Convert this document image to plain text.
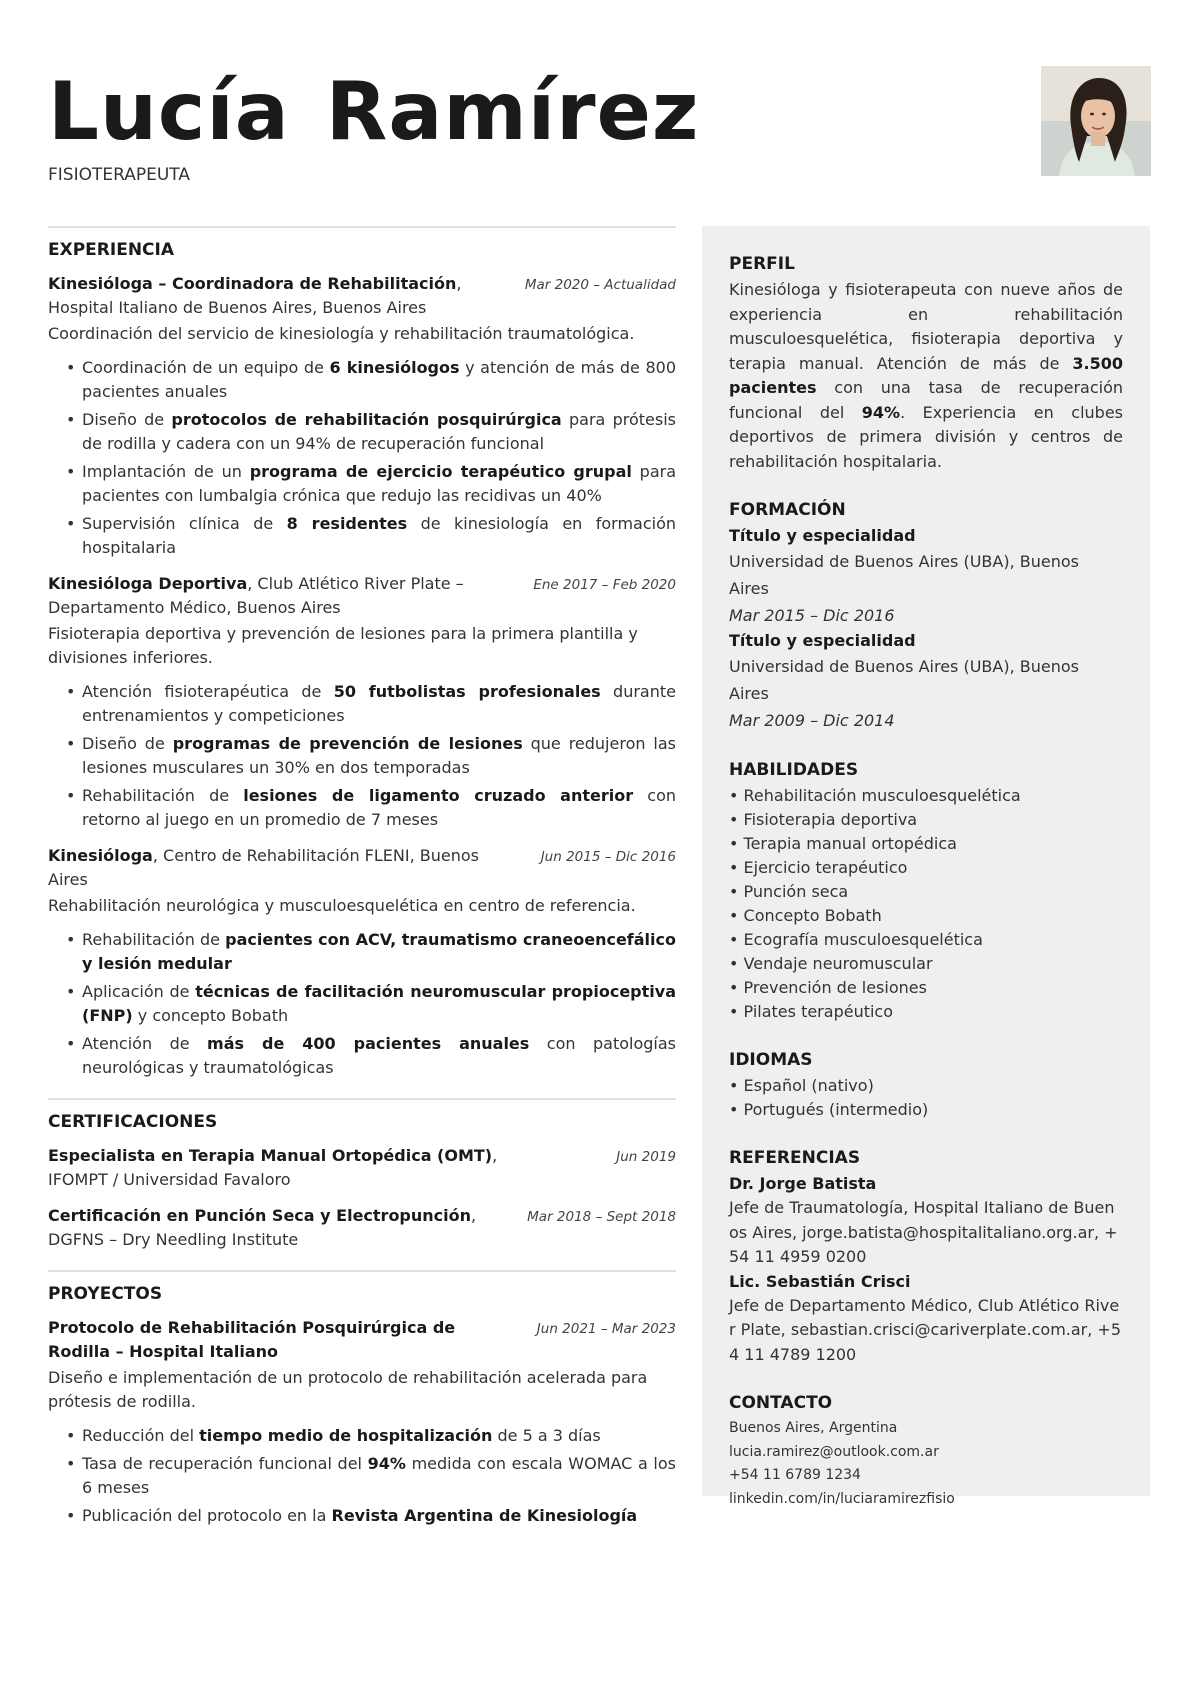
Lucía Ramírez
FISIOTERAPEUTA
EXPERIENCIA
Kinesióloga – Coordinadora de Rehabilitación, Hospital Italiano de Buenos Aires, Buenos Aires
Mar 2020 – Actualidad
Coordinación del servicio de kinesiología y rehabilitación traumatológica.
• Coordinación de un equipo de 6 kinesiólogos y atención de más de 800 pacientes anuales
• Diseño de protocolos de rehabilitación posquirúrgica para prótesis de rodilla y cadera con un 94% de recuperación funcional
• Implantación de un programa de ejercicio terapéutico grupal para pacientes con lumbalgia crónica que redujo las recidivas un 40%
• Supervisión clínica de 8 residentes de kinesiología en formación hospitalaria
Kinesióloga Deportiva, Club Atlético River Plate – Departamento Médico, Buenos Aires
Ene 2017 – Feb 2020
Fisioterapia deportiva y prevención de lesiones para la primera plantilla y divisiones inferiores.
• Atención fisioterapéutica de 50 futbolistas profesionales durante entrenamientos y competiciones
• Diseño de programas de prevención de lesiones que redujeron las lesiones musculares un 30% en dos temporadas
• Rehabilitación de lesiones de ligamento cruzado anterior con retorno al juego en un promedio de 7 meses
Kinesióloga, Centro de Rehabilitación FLENI, Buenos Aires
Jun 2015 – Dic 2016
Rehabilitación neurológica y musculoesquelética en centro de referencia.
• Rehabilitación de pacientes con ACV, traumatismo craneoencefálico y lesión medular
• Aplicación de técnicas de facilitación neuromuscular propioceptiva (FNP) y concepto Bobath
• Atención de más de 400 pacientes anuales con patologías neurológicas y traumatológicas
CERTIFICACIONES
Especialista en Terapia Manual Ortopédica (OMT), IFOMPT / Universidad Favaloro
Jun 2019
Certificación en Punción Seca y Electropunción, DGFNS – Dry Needling Institute
Mar 2018 – Sept 2018
PROYECTOS
Protocolo de Rehabilitación Posquirúrgica de Rodilla – Hospital Italiano
Jun 2021 – Mar 2023
Diseño e implementación de un protocolo de rehabilitación acelerada para prótesis de rodilla.
• Reducción del tiempo medio de hospitalización de 5 a 3 días
• Tasa de recuperación funcional del 94% medida con escala WOMAC a los 6 meses
• Publicación del protocolo en la Revista Argentina de Kinesiología
PERFIL
Kinesióloga y fisioterapeuta con nueve años de experiencia en rehabilitación musculoesquelética, fisioterapia deportiva y terapia manual. Atención de más de 3.500 pacientes con una tasa de recuperación funcional del 94%. Experiencia en clubes deportivos de primera división y centros de rehabilitación hospitalaria.
FORMACIÓN
Título y especialidad
Universidad de Buenos Aires (UBA), Buenos Aires
Mar 2015 – Dic 2016
Título y especialidad
Universidad de Buenos Aires (UBA), Buenos Aires
Mar 2009 – Dic 2014
HABILIDADES
• Rehabilitación musculoesquelética
• Fisioterapia deportiva
• Terapia manual ortopédica
• Ejercicio terapéutico
• Punción seca
• Concepto Bobath
• Ecografía musculoesquelética
• Vendaje neuromuscular
• Prevención de lesiones
• Pilates terapéutico
IDIOMAS
• Español (nativo)
• Portugués (intermedio)
REFERENCIAS
Dr. Jorge Batista
Jefe de Traumatología, Hospital Italiano de Buenos Aires, jorge.batista@hospitalitaliano.org.ar, +54 11 4959 0200
Lic. Sebastián Crisci
Jefe de Departamento Médico, Club Atlético River Plate, sebastian.crisci@cariverplate.com.ar, +54 11 4789 1200
CONTACTO
Buenos Aires, Argentina
lucia.ramirez@outlook.com.ar
+54 11 6789 1234
linkedin.com/in/luciaramirezfisio
